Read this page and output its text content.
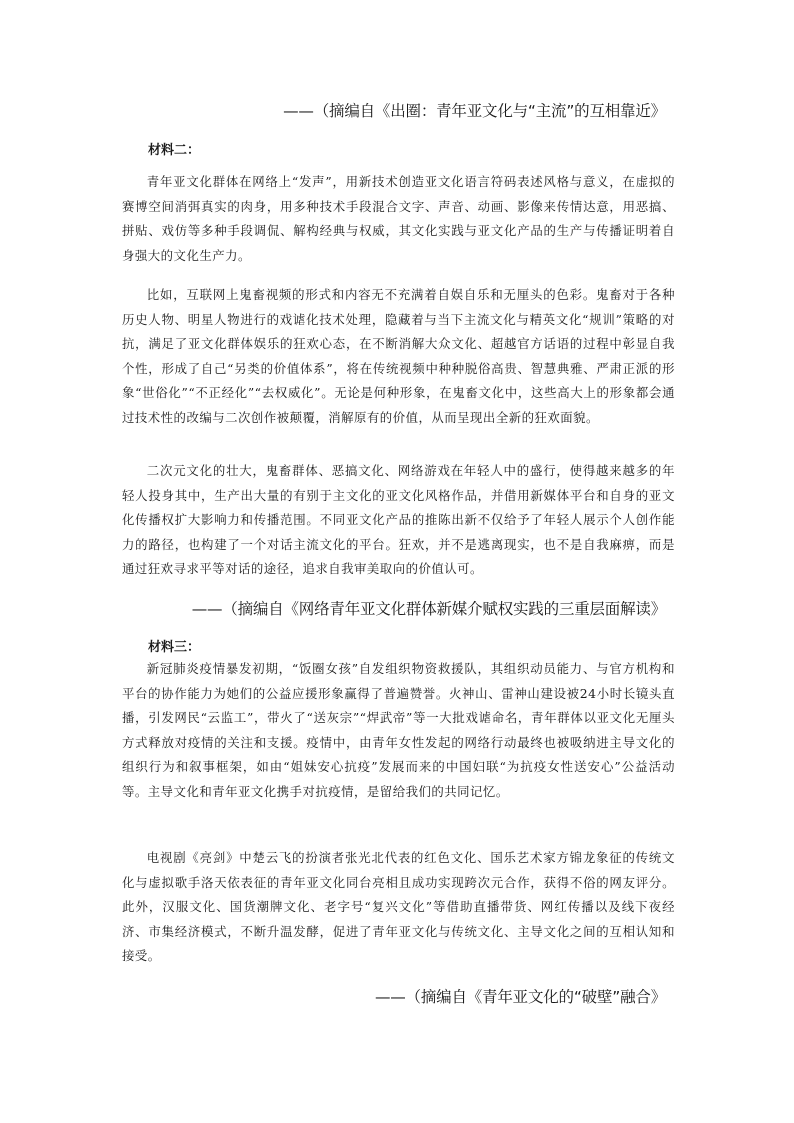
——（摘编自《出圈：青年亚文化与“主流”的互相靠近》
材料二：

青年亚文化群体在网络上“发声”，用新技术创造亚文化语言符码表述风格与意义，在虚拟的赛博空间消弭真实的肉身，用多种技术手段混合文字、声音、动画、影像来传情达意，用恶搞、拼贴、戏仿等多种手段调侃、解构经典与权威，其文化实践与亚文化产品的生产与传播证明着自身强大的文化生产力。

比如，互联网上鬼畜视频的形式和内容无不充满着自娱自乐和无厘头的色彩。鬼畜对于各种历史人物、明星人物进行的戏谑化技术处理，隐藏着与当下主流文化与精英文化“规训”策略的对抗，满足了亚文化群体娱乐的狂欢心态，在不断消解大众文化、超越官方话语的过程中彰显自我个性，形成了自己“另类的价值体系”，将在传统视频中种种脱俗高贵、智慧典雅、严肃正派的形象“世俗化”“不正经化”“去权威化”。无论是何种形象，在鬼畜文化中，这些高大上的形象都会通过技术性的改编与二次创作被颠覆，消解原有的价值，从而呈现出全新的狂欢面貌。

二次元文化的壮大，鬼畜群体、恶搞文化、网络游戏在年轻人中的盛行，使得越来越多的年轻人投身其中，生产出大量的有别于主文化的亚文化风格作品，并借用新媒体平台和自身的亚文化传播权扩大影响力和传播范围。不同亚文化产品的推陈出新不仅给予了年轻人展示个人创作能力的路径，也构建了一个对话主流文化的平台。狂欢，并不是逃离现实，也不是自我麻痹，而是通过狂欢寻求平等对话的途径，追求自我审美取向的价值认可。

——（摘编自《网络青年亚文化群体新媒介赋权实践的三重层面解读》
材料三：

新冠肺炎疫情暴发初期，“饭圈女孩”自发组织物资救援队，其组织动员能力、与官方机构和平台的协作能力为她们的公益应援形象赢得了普遍赞誉。火神山、雷神山建设被24小时长镜头直播，引发网民“云监工”，带火了“送灰宗”“焊武帝”等一大批戏谑命名，青年群体以亚文化无厘头方式释放对疫情的关注和支援。疫情中，由青年女性发起的网络行动最终也被吸纳进主导文化的组织行为和叙事框架，如由“姐妹安心抗疫”发展而来的中国妇联“为抗疫女性送安心”公益活动等。主导文化和青年亚文化携手对抗疫情，是留给我们的共同记忆。

电视剧《亮剑》中楚云飞的扮演者张光北代表的红色文化、国乐艺术家方锦龙象征的传统文化与虚拟歌手洛天依表征的青年亚文化同台亮相且成功实现跨次元合作，获得不俗的网友评分。此外，汉服文化、国货潮牌文化、老字号“复兴文化”等借助直播带货、网红传播以及线下夜经济、市集经济模式，不断升温发酵，促进了青年亚文化与传统文化、主导文化之间的互相认知和接受。

——（摘编自《青年亚文化的“破壁”融合》
